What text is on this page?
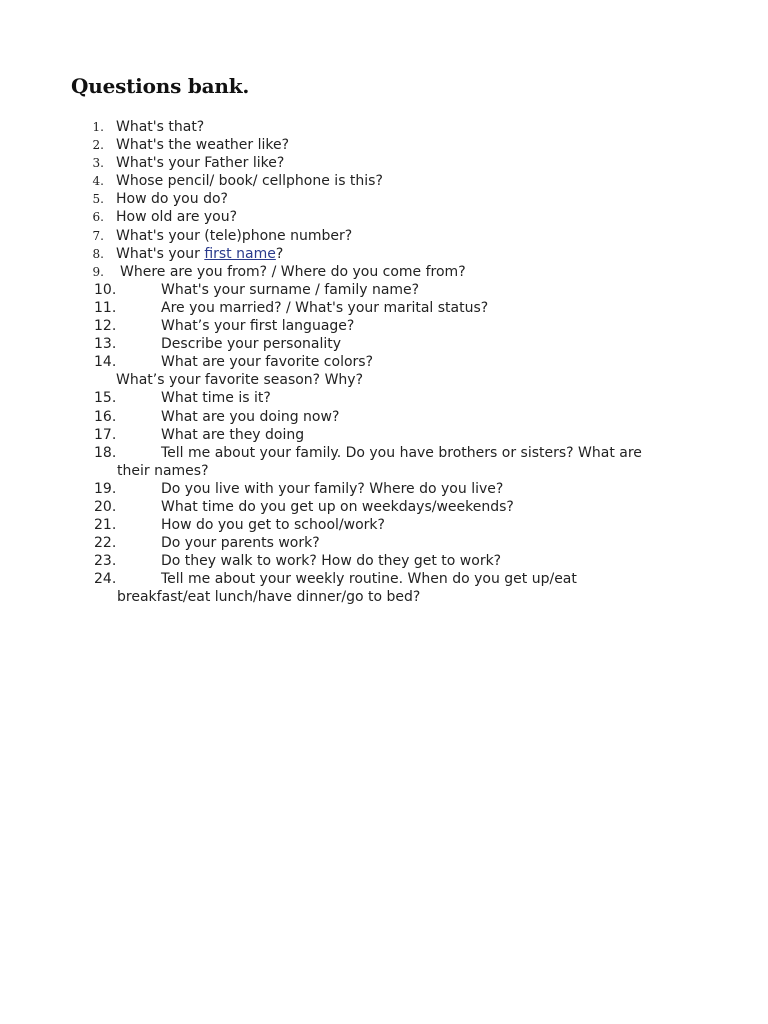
Questions bank.
1. What's that?
2. What's the weather like?
3. What's your Father like?
4. Whose pencil/ book/ cellphone is this?
5. How do you do?
6. How old are you?
7. What's your (tele)phone number?
8. What's your first name?
9. Where are you from? / Where do you come from?
10.	What's your surname / family name?
11.	Are you married? / What's your marital status?
12.	What’s your first language?
13.	Describe your personality
14.	What are your favorite colors?
What’s your favorite season? Why?
15.	What time is it?
16.	What are you doing now?
17.	What are they doing
18.	Tell me about your family. Do you have brothers or sisters? What are
their names?
19.	Do you live with your family? Where do you live?
20.	What time do you get up on weekdays/weekends?
21.	How do you get to school/work?
22.	Do your parents work?
23.	Do they walk to work? How do they get to work?
24.	Tell me about your weekly routine. When do you get up/eat
breakfast/eat lunch/have dinner/go to bed?
